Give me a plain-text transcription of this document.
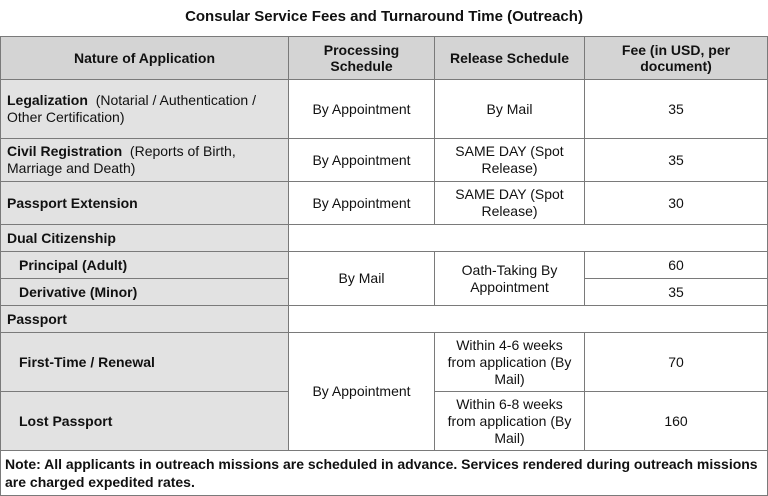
Consular Service Fees and Turnaround Time (Outreach)
Nature of Application	Processing Schedule	Release Schedule	Fee (in USD, per document)
Legalization (Notarial / Authentication / Other Certification)	By Appointment	By Mail	35
Civil Registration (Reports of Birth, Marriage and Death)	By Appointment	SAME DAY (Spot Release)	35
Passport Extension	By Appointment	SAME DAY (Spot Release)	30
Dual Citizenship			
Principal (Adult)	By Mail	Oath-Taking By Appointment	60
Derivative (Minor)			35
Passport			
First-Time / Renewal	By Appointment	Within 4-6 weeks from application (By Mail)	70
Lost Passport		Within 6-8 weeks from application (By Mail)	160
Note: All applicants in outreach missions are scheduled in advance. Services rendered during outreach missions are charged expedited rates.			
